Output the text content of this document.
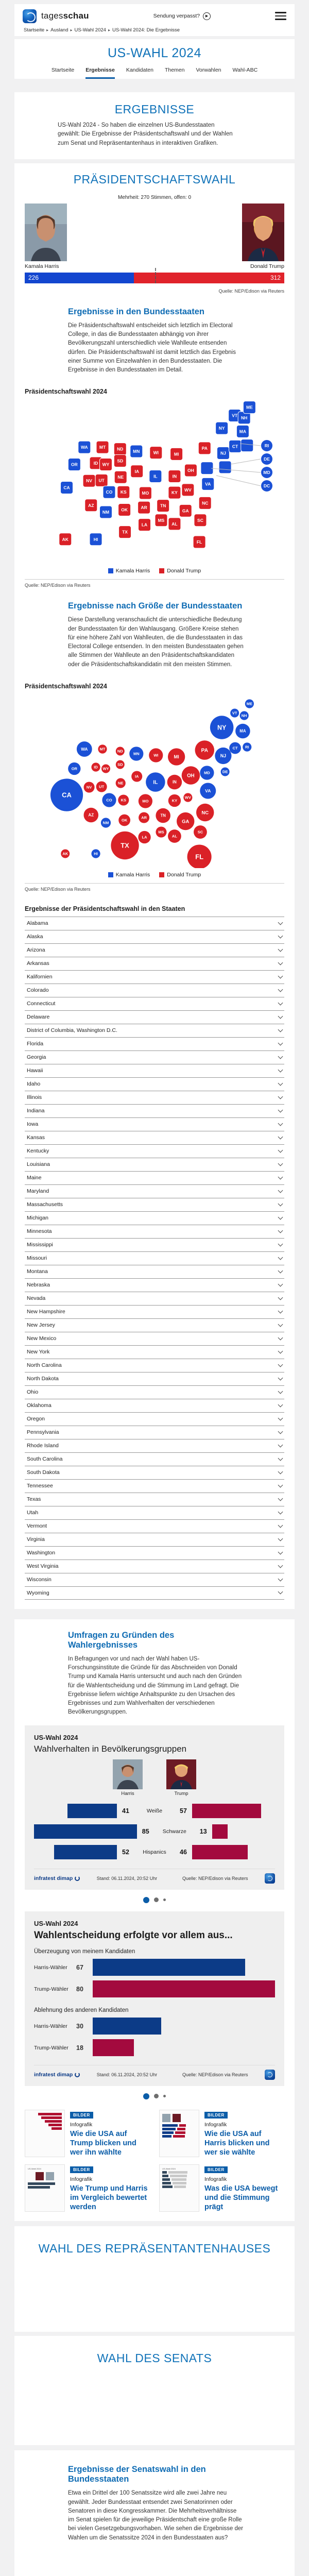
tagesschau	Sendung verpasst?	▶
Startseite ▸ Ausland ▸ US-Wahl 2024 ▸ US-Wahl 2024: Die Ergebnisse
US-WAHL 2024
Startseite Ergebnisse Kandidaten Themen Vorwahlen Wahl-ABC
ERGEBNISSE
US-Wahl 2024 - So haben die einzelnen US-Bundesstaaten gewählt: Die Ergebnisse der Präsidentschaftswahl und der Wahlen zum Senat und Repräsentantenhaus in interaktiven Grafiken.
PRÄSIDENTSCHAFTSWAHL
Mehrheit: 270 Stimmen, offen: 0
Kamala Harris	Donald Trump
226	312
Quelle: NEP/Edison via Reuters
Ergebnisse in den Bundesstaaten
Die Präsidentschaftswahl entscheidet sich letztlich im Electoral College, in das die Bundesstaaten abhängig von ihrer Bevölkerungszahl unterschiedlich viele Wahlleute entsenden dürfen. Die Präsidentschaftswahl ist damit letztlich das Ergebnis einer Summe von Einzelwahlen in den Bundesstaaten. Die Ergebnisse in den Bundesstaaten im Detail.
Präsidentschaftswahl 2024
WA
OR
CA
AK	HI
NV
ID
MT
WY
UT
AZ
NM
CO
ND
SD
NE
KS
OK
TX
MN
IA
MO
AR
LA
WI
IL
MS
MI
IN
KY
TN
AL
OH
WV
GA
FL
SC
NC
VA
PA
NY
NJ
CT
MA
VT NH
ME
RI
DE
MD
DC
Kamala Harris	Donald Trump
Quelle: NEP/Edison via Reuters
Ergebnisse nach Größe der Bundesstaaten
Diese Darstellung veranschaulicht die unterschiedliche Bedeutung der Bundesstaaten für den Wahlausgang. Größere Kreise stehen für eine höhere Zahl von Wahlleuten, die die Bundesstaaten in das Electoral College entsenden. In den meisten Bundesstaaten gehen alle Stimmen der Wahlleute an den Präsidentschaftskandidaten oder die Präsidentschaftskandidatin mit den meisten Stimmen.
Präsidentschaftswahl 2024
WA
OR
CA
AK	HI
NV
ID
MT
WY
UT
AZ
NM
CO
ND
SD
NE
KS
OK
TX
MN
IA
MO
AR
LA
WI
IL
MS
MI
IN
KY
TN
AL
OH
WV
GA
FL
SC
NC
VA
PA
NY
NJ
MD	DE
CT RI
MA
VT
NH
ME
Kamala Harris	Donald Trump
Quelle: NEP/Edison via Reuters
Ergebnisse der Präsidentschaftswahl in den Staaten
Alabama
Alaska
Arizona
Arkansas
Kalifornien
Colorado
Connecticut
Delaware
District of Columbia, Washington D.C.
Florida
Georgia
Hawaii
Idaho
Illinois
Indiana
Iowa
Kansas
Kentucky
Louisiana
Maine
Maryland
Massachusetts
Michigan
Minnesota
Mississippi
Missouri
Montana
Nebraska
Nevada
New Hampshire
New Jersey
New Mexico
New York
North Carolina
North Dakota
Ohio
Oklahoma
Oregon
Pennsylvania
Rhode Island
South Carolina
South Dakota
Tennessee
Texas
Utah
Vermont
Virginia
Washington
West Virginia
Wisconsin
Wyoming
Umfragen zu Gründen des Wahlergebnisses
In Befragungen vor und nach der Wahl haben US-Forschungsinstitute die Gründe für das Abschneiden von Donald Trump und Kamala Harris untersucht und auch nach den Gründen für die Wahlentscheidung und die Stimmung im Land gefragt. Die Ergebnisse liefern wichtige Anhaltspunkte zu den Ursachen des Ergebnisses und zum Wahlverhalten der verschiedenen Bevölkerungsgruppen.
US-Wahl 2024
Wahlverhalten in Bevölkerungsgruppen
Harris	Trump
41	Weiße	57
85	Schwarze	13
52	Hispanics	46
infratest dimap	Stand: 06.11.2024, 20:52 Uhr	Quelle: NEP/Edison via Reuters
US-Wahl 2024
Wahlentscheidung erfolgte vor allem aus...
Überzeugung von meinem Kandidaten
Harris-Wähler	67
Trump-Wähler	80
Ablehnung des anderen Kandidaten
Harris-Wähler	30
Trump-Wähler	18
infratest dimap	Stand: 06.11.2024, 20:52 Uhr	Quelle: NEP/Edison via Reuters
BILDER
Infografik
Wie die USA auf Trump blicken und wer ihn wählte
BILDER
Infografik
Wie die USA auf Harris blicken und wer sie wählte
US-Wahl 2024	BILDER
Infografik
Wie Trump und Harris im Vergleich bewertet werden
US-Wahl 2024	BILDER
Infografik
Was die USA bewegt und die Stimmung prägt
WAHL DES REPRÄSENTANTENHAUSES
WAHL DES SENATS
Ergebnisse der Senatswahl in den Bundesstaaten
Etwa ein Drittel der 100 Senatssitze wird alle zwei Jahre neu gewählt. Jeder Bundesstaat entsendet zwei Senatorinnen oder Senatoren in diese Kongresskammer. Die Mehrheitsverhältnisse im Senat spielen für die jeweilige Präsidentschaft eine große Rolle bei vielen Gesetzgebungsvorhaben. Wie sehen die Ergebnisse der Wahlen um die Senatssitze 2024 in den Bundesstaaten aus?
